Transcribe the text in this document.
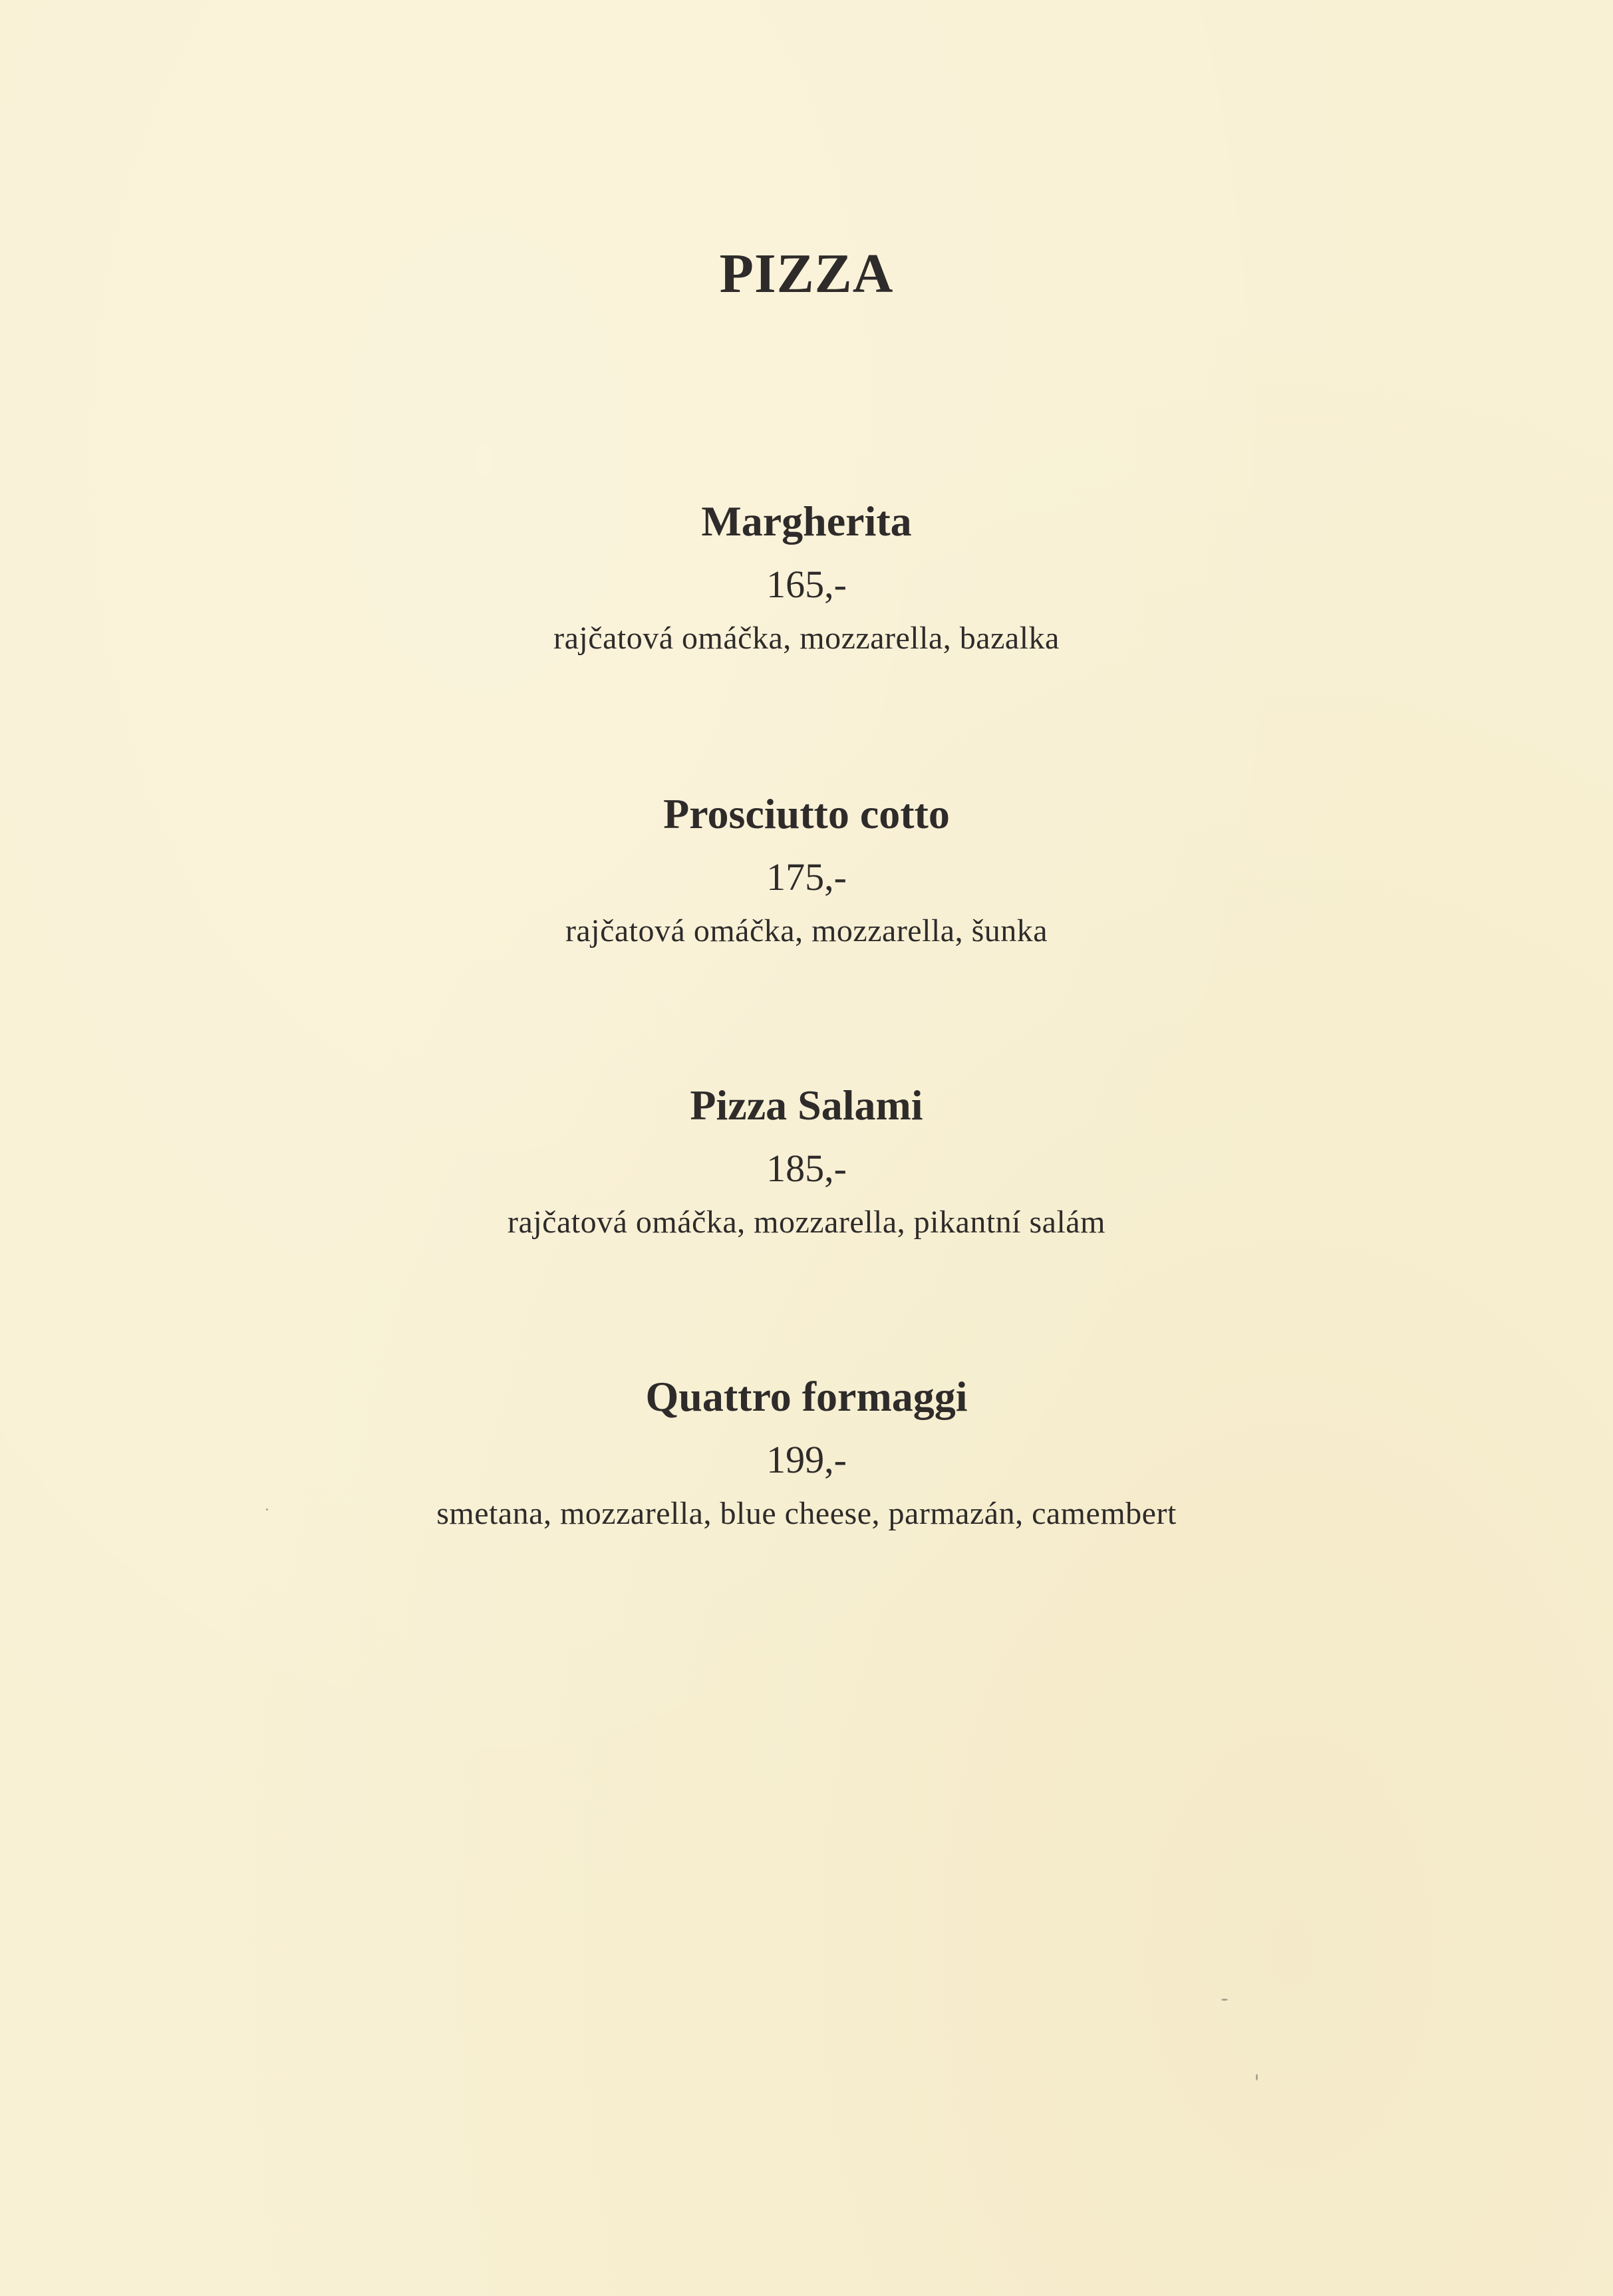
PIZZA
Margherita
165,-
rajčatová omáčka, mozzarella, bazalka
Prosciutto cotto
175,-
rajčatová omáčka, mozzarella, šunka
Pizza Salami
185,-
rajčatová omáčka, mozzarella, pikantní salám
Quattro formaggi
199,-
smetana, mozzarella, blue cheese, parmazán, camembert
